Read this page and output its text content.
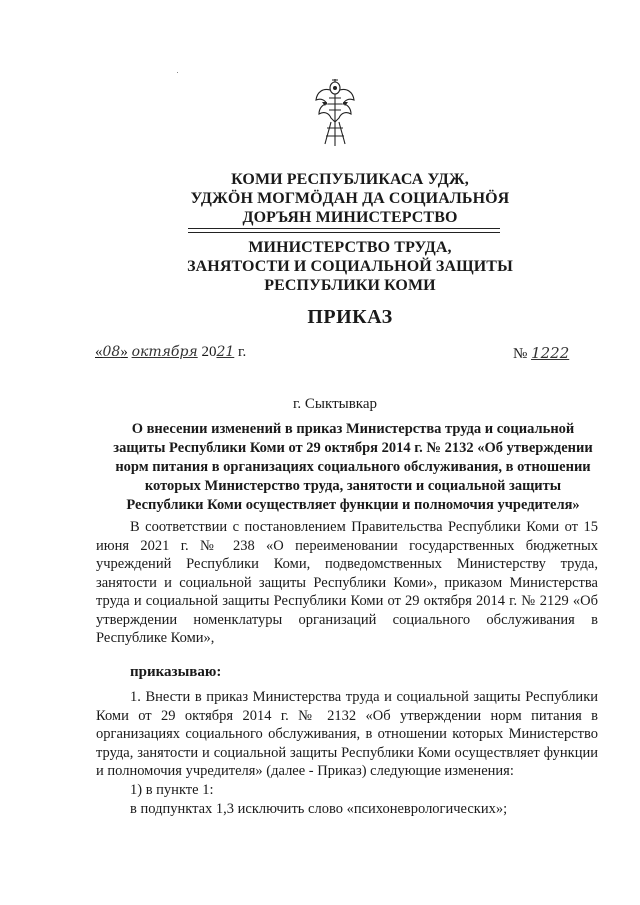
КОМИ РЕСПУБЛИКАСА УДЖ,
УДЖӦН МОГМӦДАН ДА СОЦИАЛЬНӦЯ
ДОРЪЯН МИНИСТЕРСТВО
МИНИСТЕРСТВО ТРУДА,
ЗАНЯТОСТИ И СОЦИАЛЬНОЙ ЗАЩИТЫ
РЕСПУБЛИКИ КОМИ
ПРИКАЗ
«08» октября 2021 г.	№ 1222
г. Сыктывкар
О внесении изменений в приказ Министерства труда и социальной
защиты Республики Коми от 29 октября 2014 г. № 2132 «Об утверждении
норм питания в организациях социального обслуживания, в отношении
которых Министерство труда, занятости и социальной защиты
Республики Коми осуществляет функции и полномочия учредителя»
В соответствии с постановлением Правительства Республики Коми от 15 июня 2021 г. № 238 «О переименовании государственных бюджетных учреждений Республики Коми, подведомственных Министерству труда, занятости и социальной защиты Республики Коми», приказом Министерства труда и социальной защиты Республики Коми от 29 октября 2014 г. № 2129 «Об утверждении номенклатуры организаций социального обслуживания в Республике Коми»,
приказываю:
1. Внести в приказ Министерства труда и социальной защиты Республики Коми от 29 октября 2014 г. № 2132 «Об утверждении норм питания в организациях социального обслуживания, в отношении которых Министерство труда, занятости и социальной защиты Республики Коми осуществляет функции и полномочия учредителя» (далее - Приказ) следующие изменения:
1) в пункте 1:
в подпунктах 1,3 исключить слово «психоневрологических»;
